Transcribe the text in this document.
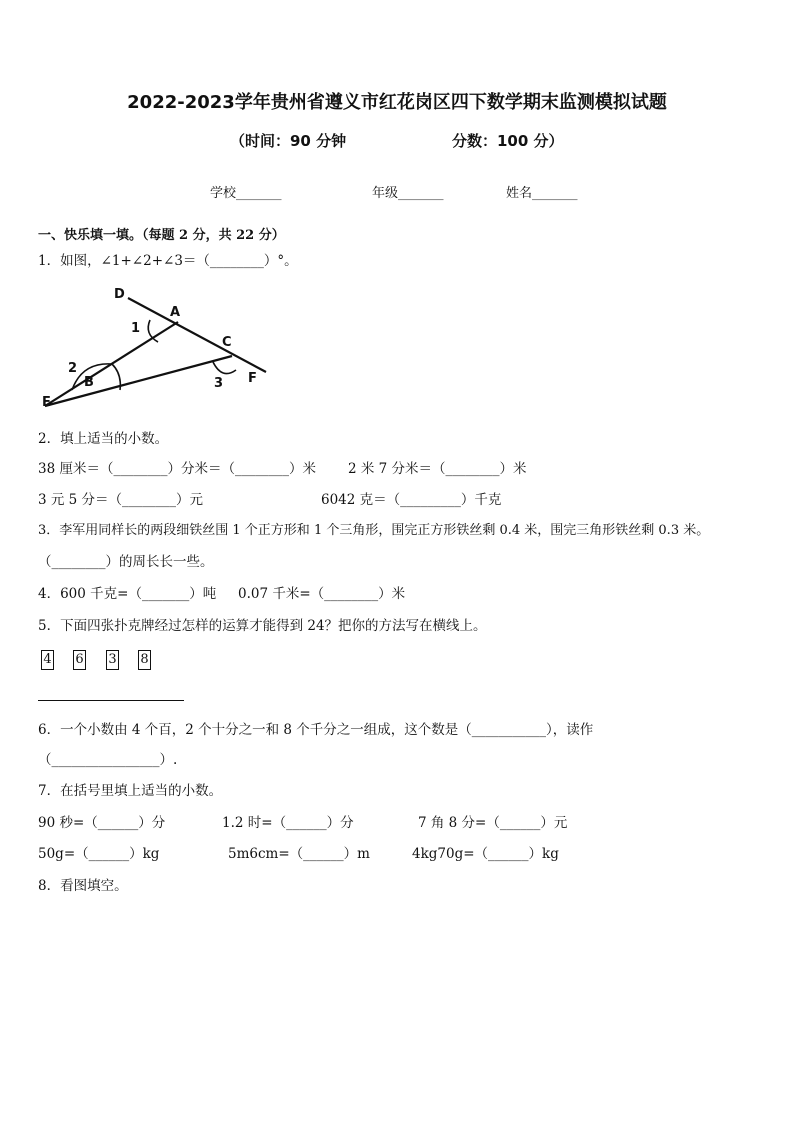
2022-2023学年贵州省遵义市红花岗区四下数学期末监测模拟试题
（时间：90 分钟	分数：100 分）
学校_______	年级_______	姓名_______
一、快乐填一填。（每题 2 分，共 22 分）
1．如图，∠1+∠2+∠3＝（________）°。
D
A
C
F
B
E
1
2
3
2．填上适当的小数。
38 厘米＝（________）分米＝（________）米 2 米 7 分米＝（________）米
3 元 5 分＝（________）元	6042 克＝（_________）千克
3．李军用同样长的两段细铁丝围 1 个正方形和 1 个三角形，围完正方形铁丝剩 0.4 米，围完三角形铁丝剩 0.3 米。
（________）的周长长一些。
4．600 千克=（_______）吨 0.07 千米=（________）米
5．下面四张扑克牌经过怎样的运算才能得到 24？把你的方法写在横线上。
4 6 3 8
6．一个小数由 4 个百，2 个十分之一和 8 个千分之一组成，这个数是（___________），读作
（________________）.
7．在括号里填上适当的小数。
90 秒=（______）分	1.2 时=（______）分	7 角 8 分=（______）元
50g=（______）kg	5m6cm=（______）m	4kg70g=（______）kg
8．看图填空。
